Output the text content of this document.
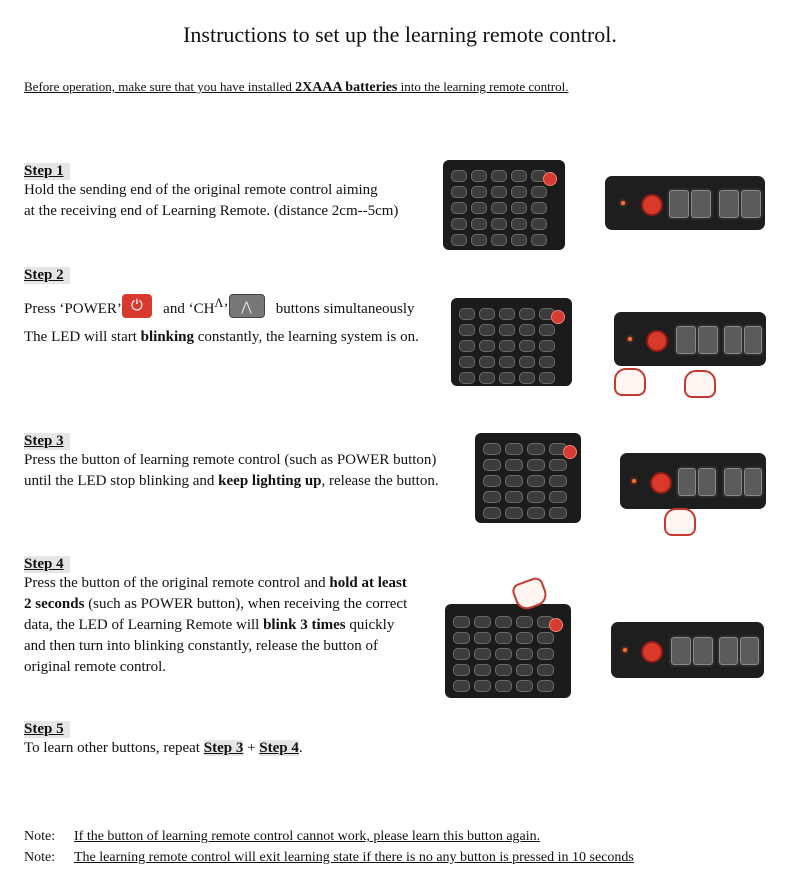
Instructions to set up the learning remote control.
Before operation, make sure that you have installed 2XAAA batteries into the learning remote control.
Step 1
Hold the sending end of the original remote control aiming
at the receiving end of Learning Remote. (distance 2cm--5cm)
Step 2
Press ‘POWER’⏻	and ‘$CH^\Lambda’⋀$	buttons simultaneously
The LED will start blinking constantly, the learning system is on.
Step 3
Press the button of learning remote control (such as POWER button)
until the LED stop blinking and keep lighting up, release the button.
Step 4
Press the button of the original remote control and hold at least
2 seconds (such as POWER button), when receiving the correct
data, the LED of Learning Remote will blink 3 times quickly
and then turn into blinking constantly, release the button of
original remote control.
Step 5
To learn other buttons, repeat Step 3 + Step 4.
Note: If the button of learning remote control cannot work, please learn this button again.
Note: The learning remote control will exit learning state if there is no any button is pressed in 10 seconds
